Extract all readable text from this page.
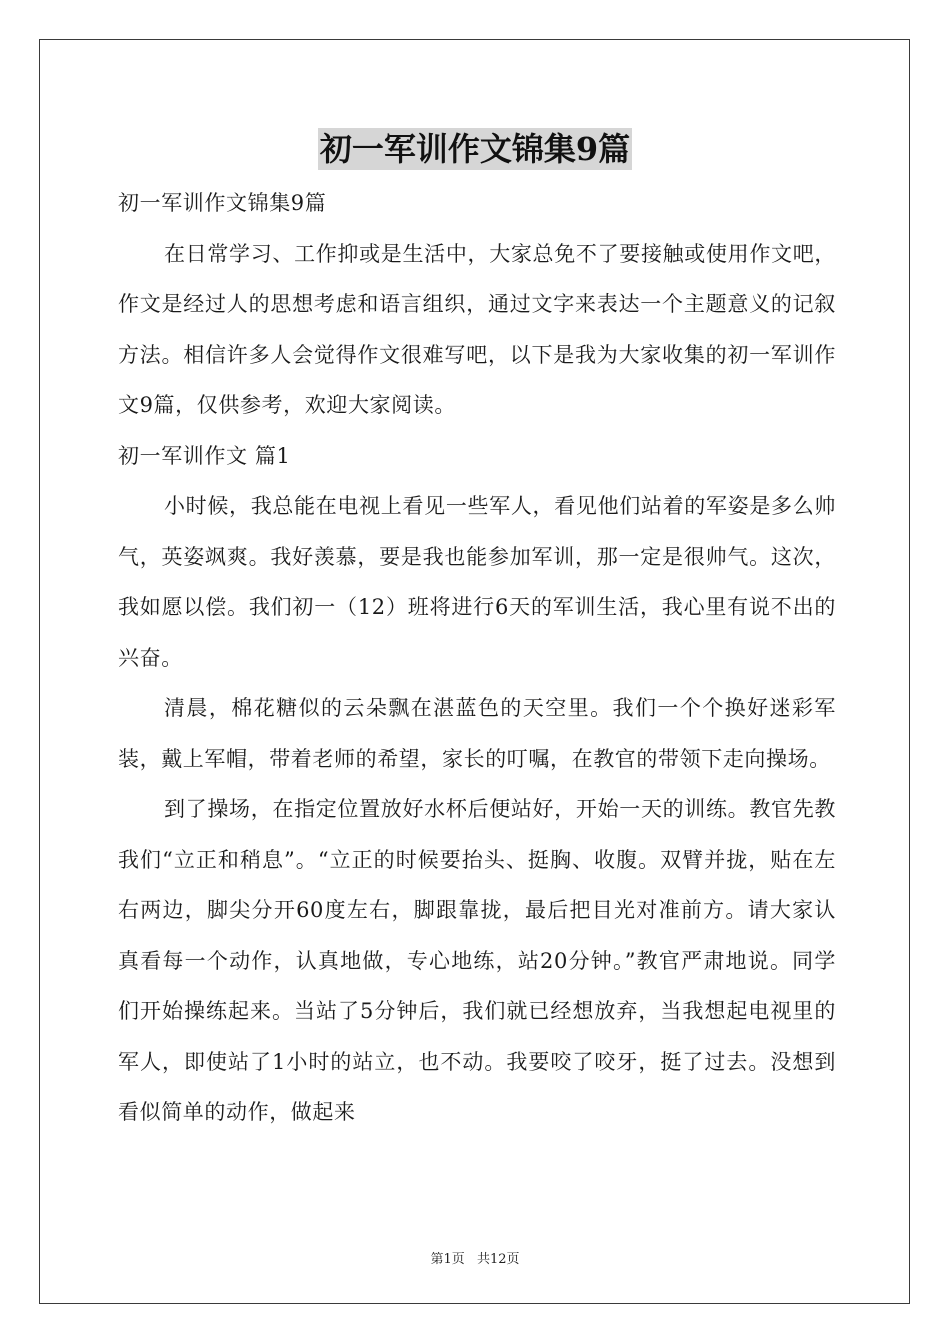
初一军训作文锦集9篇

初一军训作文锦集9篇

在日常学习、工作抑或是生活中，大家总免不了要接触或使用作文吧，作文是经过人的思想考虑和语言组织，通过文字来表达一个主题意义的记叙方法。相信许多人会觉得作文很难写吧，以下是我为大家收集的初一军训作文9篇，仅供参考，欢迎大家阅读。

初一军训作文 篇1

小时候，我总能在电视上看见一些军人，看见他们站着的军姿是多么帅气，英姿飒爽。我好羡慕，要是我也能参加军训，那一定是很帅气。这次，我如愿以偿。我们初一（12）班将进行6天的军训生活，我心里有说不出的兴奋。

清晨，棉花糖似的云朵飘在湛蓝色的天空里。我们一个个换好迷彩军装，戴上军帽，带着老师的希望，家长的叮嘱，在教官的带领下走向操场。

到了操场，在指定位置放好水杯后便站好，开始一天的训练。教官先教我们“立正和稍息”。“立正的时候要抬头、挺胸、收腹。双臂并拢，贴在左右两边，脚尖分开60度左右，脚跟靠拢，最后把目光对准前方。请大家认真看每一个动作，认真地做，专心地练，站20分钟。”教官严肃地说。同学们开始操练起来。当站了5分钟后，我们就已经想放弃，当我想起电视里的军人，即使站了1小时的站立，也不动。我要咬了咬牙，挺了过去。没想到看似简单的动作，做起来

第1页 共12页
